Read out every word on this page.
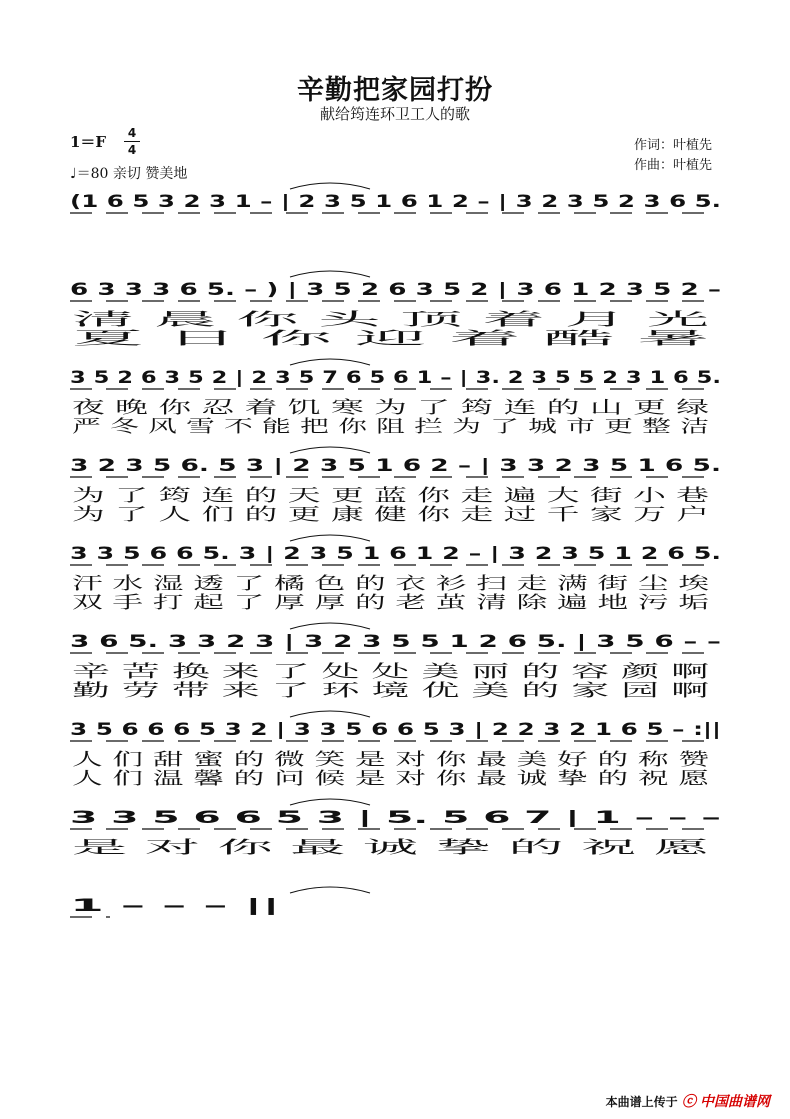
辛勤把家园打扮
献给筠连环卫工人的歌
1＝F	4
4
♩＝80 亲切 赞美地
作词：叶植先
作曲：叶植先
(1 6 5 3 2 3 1 – | 2 3 5 1 6 1 2 – | 3 2 3 5 2 3 6 5.
6 3 3 3 6 5. – ) | 3 5 2 6 3 5 2 | 3 6 1 2 3 5 2 –
清 晨 你 头 顶 着 月 光
夏 日 你 迎 着 酷 暑
3 5 2 6 3 5 2 | 2 3 5 7 6 5 6 1 – | 3. 2 3 5 5 2 3 1 6 5.
夜 晚 你 忍 着 饥 寒 为 了 筠 连 的 山 更 绿
严 冬 风 雪 不 能 把 你 阻 拦 为 了 城 市 更 整 洁
3 2 3 5 6. 5 3 | 2 3 5 1 6 2 – | 3 3 2 3 5 1 6 5.
为 了 筠 连 的 天 更 蓝 你 走 遍 大 街 小 巷
为 了 人 们 的 更 康 健 你 走 过 千 家 万 户
3 3 5 6 6 5. 3 | 2 3 5 1 6 1 2 – | 3 2 3 5 1 2 6 5.
汗 水 湿 透 了 橘 色 的 衣 衫 扫 走 满 街 尘 埃
双 手 打 起 了 厚 厚 的 老 茧 清 除 遍 地 污 垢
3 6 5. 3 3 2 3 | 3 2 3 5 5 1 2 6 5. | 3 5 6 – –
辛 苦 换 来 了 处 处 美 丽 的 容 颜 啊
勤 劳 带 来 了 环 境 优 美 的 家 园 啊
3 5 6 6 6 5 3 2 | 3 3 5 6 6 5 3 | 2 2 3 2 1 6 5 – :||
人 们 甜 蜜 的 微 笑 是 对 你 最 美 好 的 称 赞
人 们 温 馨 的 问 候 是 对 你 最 诚 挚 的 祝 愿
3 3 5 6 6 5 3 | 5. 5 6 7 | 1 – – –
是 对 你 最 诚 挚 的 祝 愿
1 – – – ||
本曲谱上传于 ⓒ 中国曲谱网
